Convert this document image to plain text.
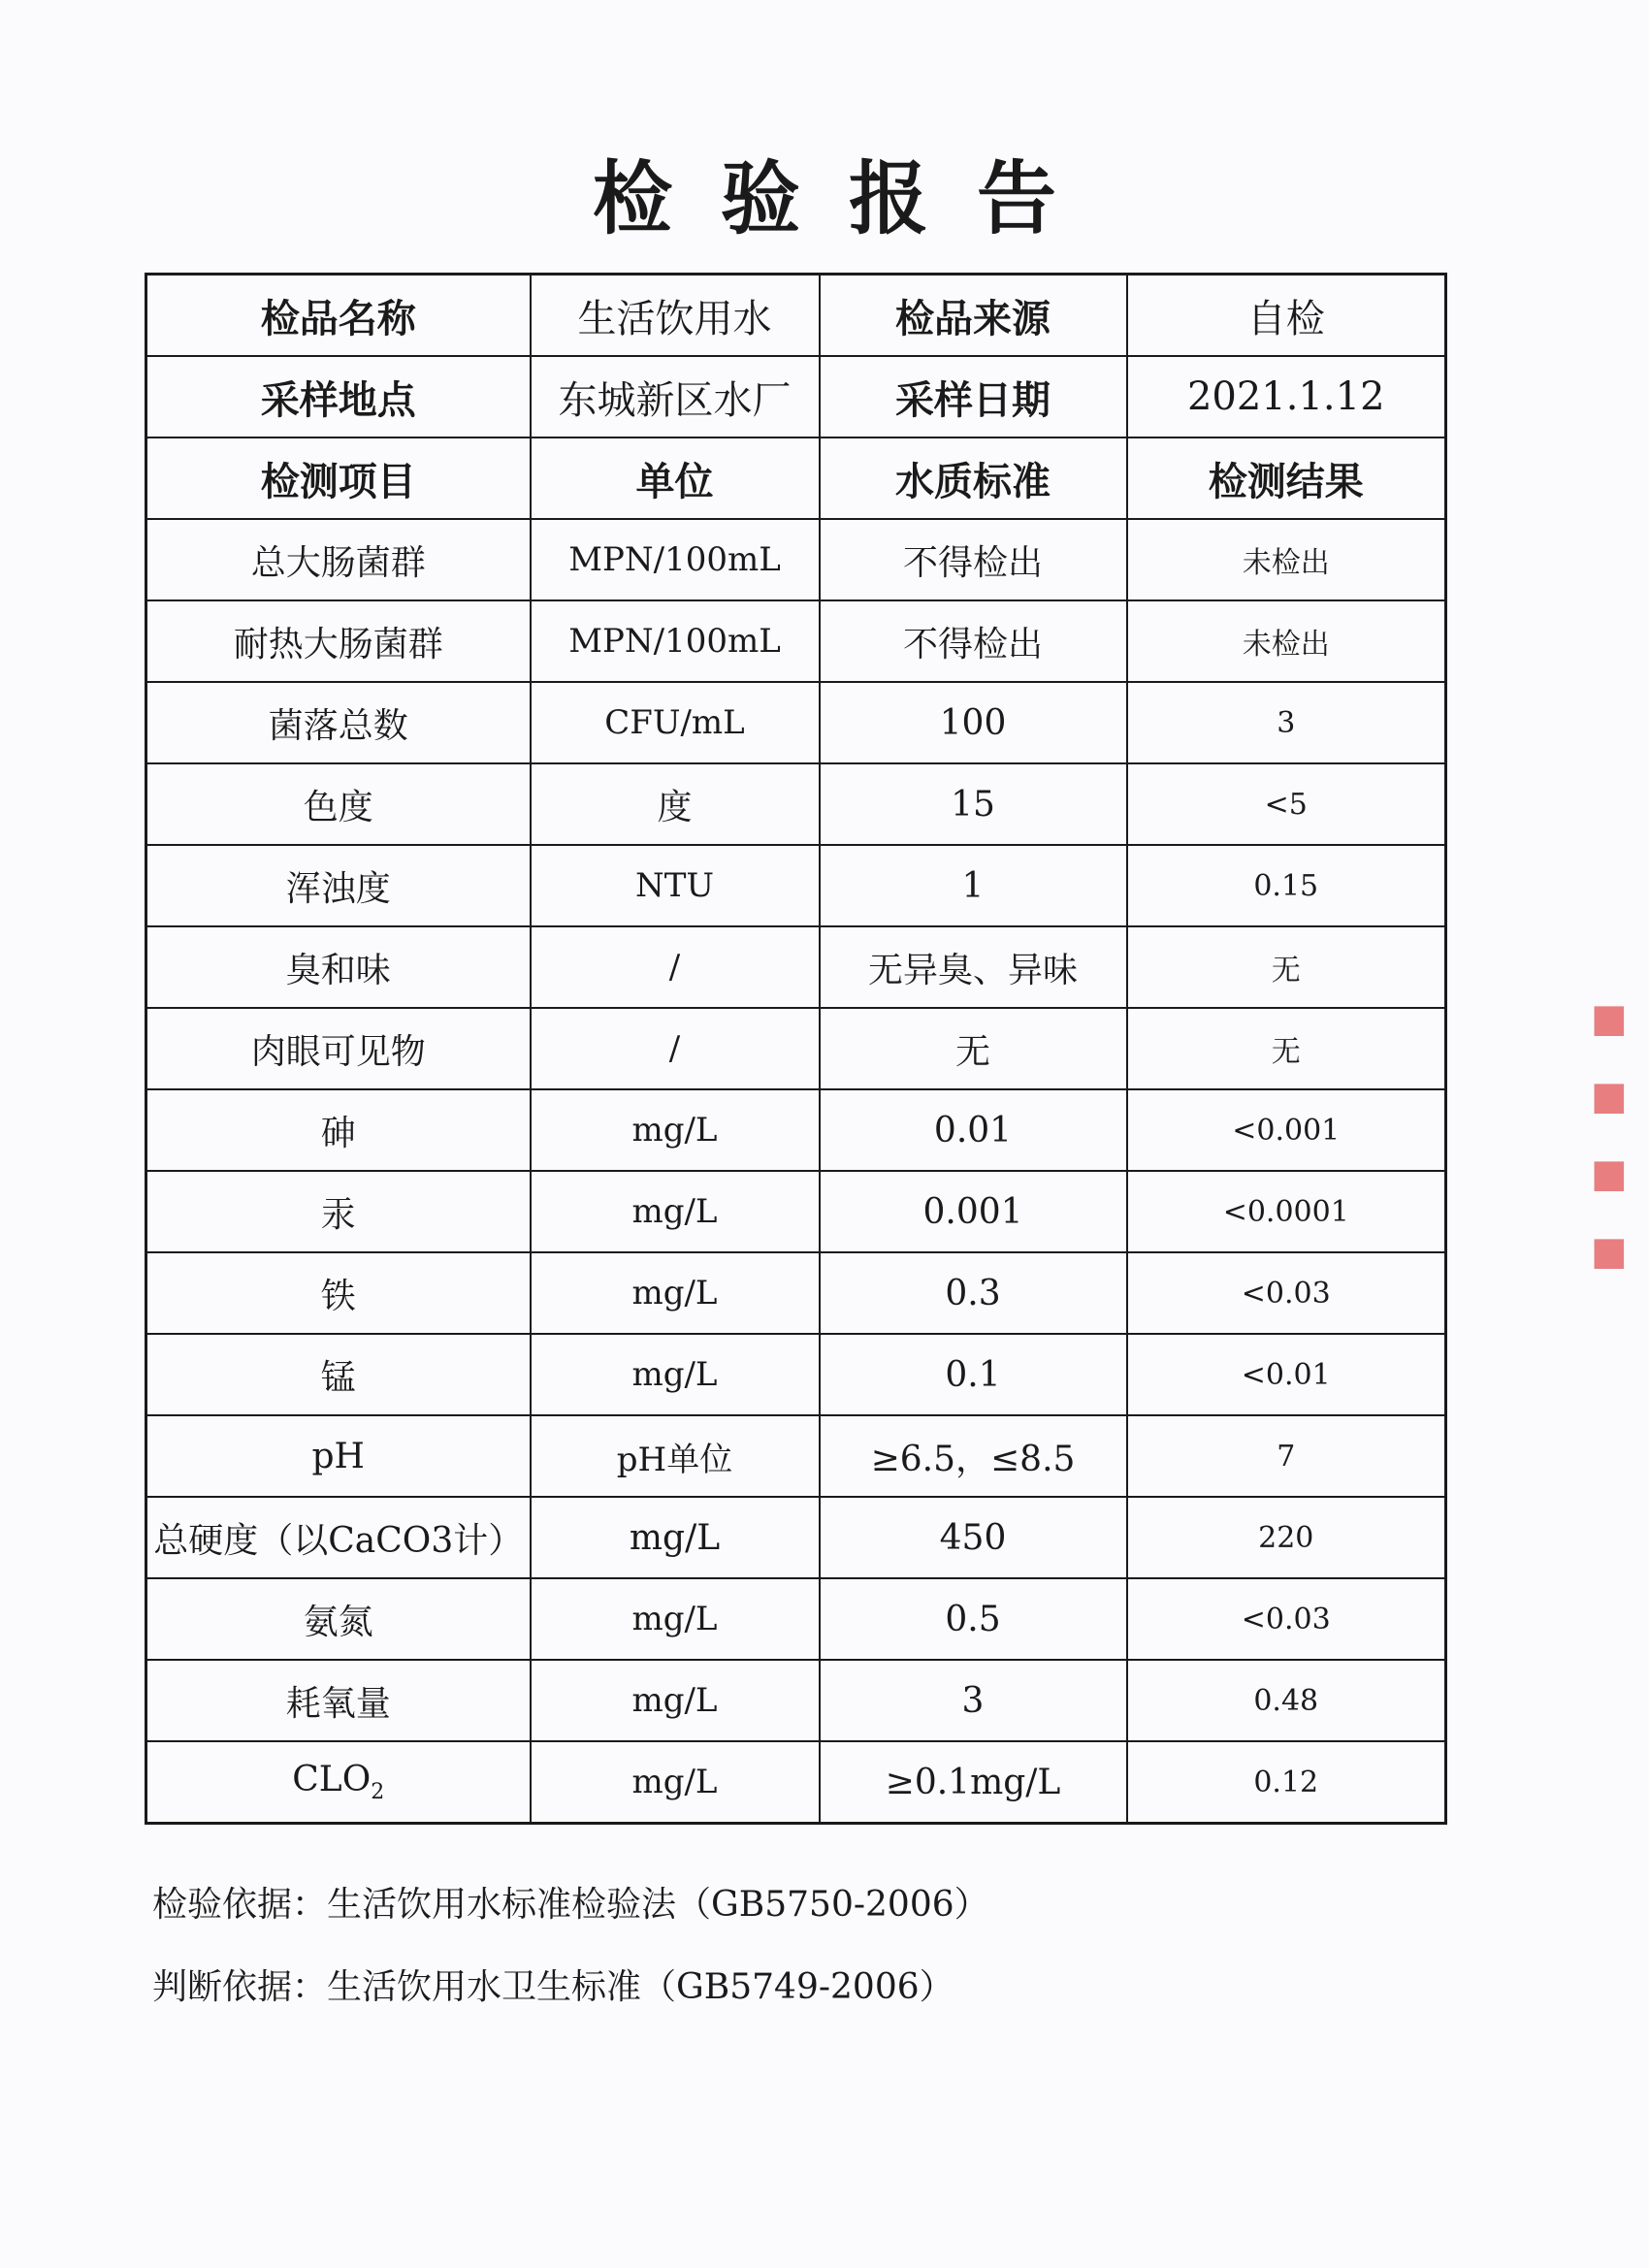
检验报告
检品名称	生活饮用水	检品来源	自检
采样地点	东城新区水厂	采样日期	2021.1.12
检测项目	单位	水质标准	检测结果
总大肠菌群	MPN/100mL	不得检出	未检出
耐热大肠菌群	MPN/100mL	不得检出	未检出
菌落总数	CFU/mL	100	3
色度	度	15	<5
浑浊度	NTU	1	0.15
臭和味	/	无异臭、异味	无
肉眼可见物	/	无	无
砷	mg/L	0.01	<0.001
汞	mg/L	0.001	<0.0001
铁	mg/L	0.3	<0.03
锰	mg/L	0.1	<0.01
pH	pH单位	≥6.5，≤8.5	7
总硬度（以CaCO3计）	mg/L	450	220
氨氮	mg/L	0.5	<0.03
耗氧量	mg/L	3	0.48
$CLO_2$	mg/L	≥0.1mg/L	0.12
检验依据：生活饮用水标准检验法（GB5750-2006）
判断依据：生活饮用水卫生标准（GB5749-2006）
■
■
■
■
